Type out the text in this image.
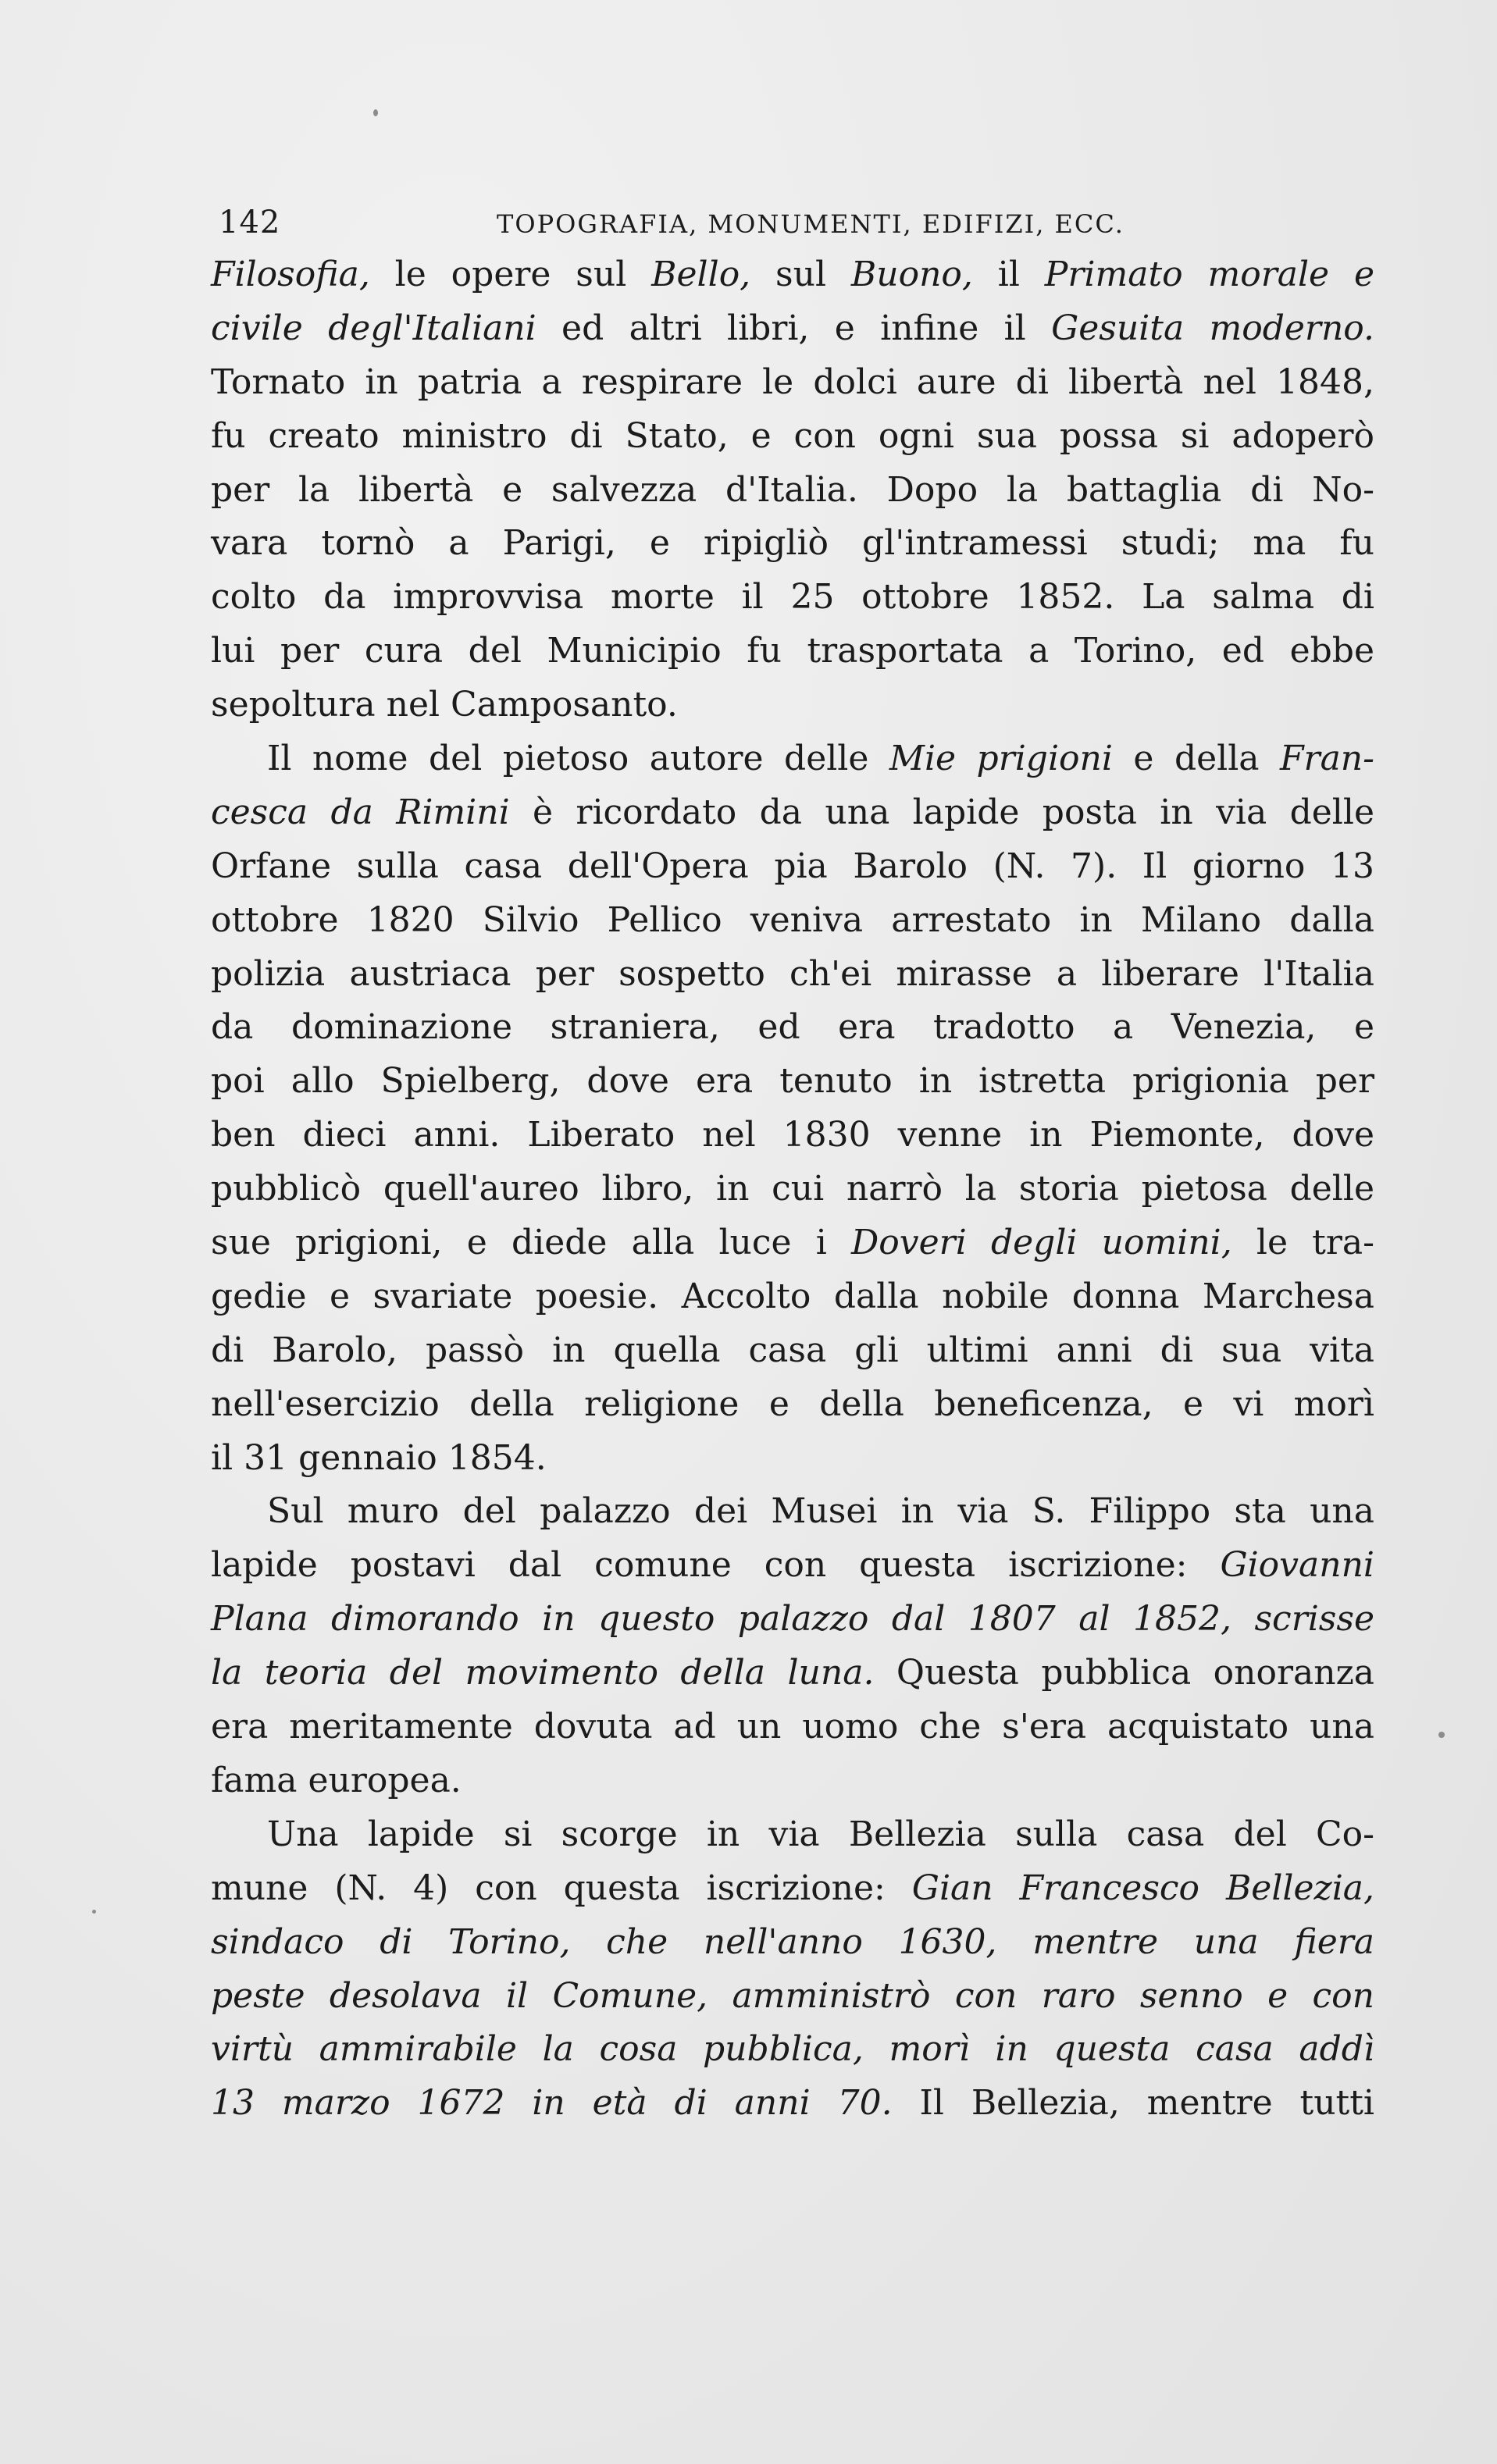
142	TOPOGRAFIA, MONUMENTI, EDIFIZI, ECC.
Filosofia, le opere sul Bello, sul Buono, il Primato morale e
civile degl'Italiani ed altri libri, e infine il Gesuita moderno.
Tornato in patria a respirare le dolci aure di libertà nel 1848,
fu creato ministro di Stato, e con ogni sua possa si adoperò
per la libertà e salvezza d'Italia. Dopo la battaglia di No-
vara tornò a Parigi, e ripigliò gl'intramessi studi; ma fu
colto da improvvisa morte il 25 ottobre 1852. La salma di
lui per cura del Municipio fu trasportata a Torino, ed ebbe
sepoltura nel Camposanto.
Il nome del pietoso autore delle Mie prigioni e della Fran-
cesca da Rimini è ricordato da una lapide posta in via delle
Orfane sulla casa dell'Opera pia Barolo (N. 7). Il giorno 13
ottobre 1820 Silvio Pellico veniva arrestato in Milano dalla
polizia austriaca per sospetto ch'ei mirasse a liberare l'Italia
da dominazione straniera, ed era tradotto a Venezia, e
poi allo Spielberg, dove era tenuto in istretta prigionia per
ben dieci anni. Liberato nel 1830 venne in Piemonte, dove
pubblicò quell'aureo libro, in cui narrò la storia pietosa delle
sue prigioni, e diede alla luce i Doveri degli uomini, le tra-
gedie e svariate poesie. Accolto dalla nobile donna Marchesa
di Barolo, passò in quella casa gli ultimi anni di sua vita
nell'esercizio della religione e della beneficenza, e vi morì
il 31 gennaio 1854.
Sul muro del palazzo dei Musei in via S. Filippo sta una
lapide postavi dal comune con questa iscrizione: Giovanni
Plana dimorando in questo palazzo dal 1807 al 1852, scrisse
la teoria del movimento della luna. Questa pubblica onoranza
era meritamente dovuta ad un uomo che s'era acquistato una
fama europea.
Una lapide si scorge in via Bellezia sulla casa del Co-
mune (N. 4) con questa iscrizione: Gian Francesco Bellezia,
sindaco di Torino, che nell'anno 1630, mentre una fiera
peste desolava il Comune, amministrò con raro senno e con
virtù ammirabile la cosa pubblica, morì in questa casa addì
13 marzo 1672 in età di anni 70. Il Bellezia, mentre tutti
